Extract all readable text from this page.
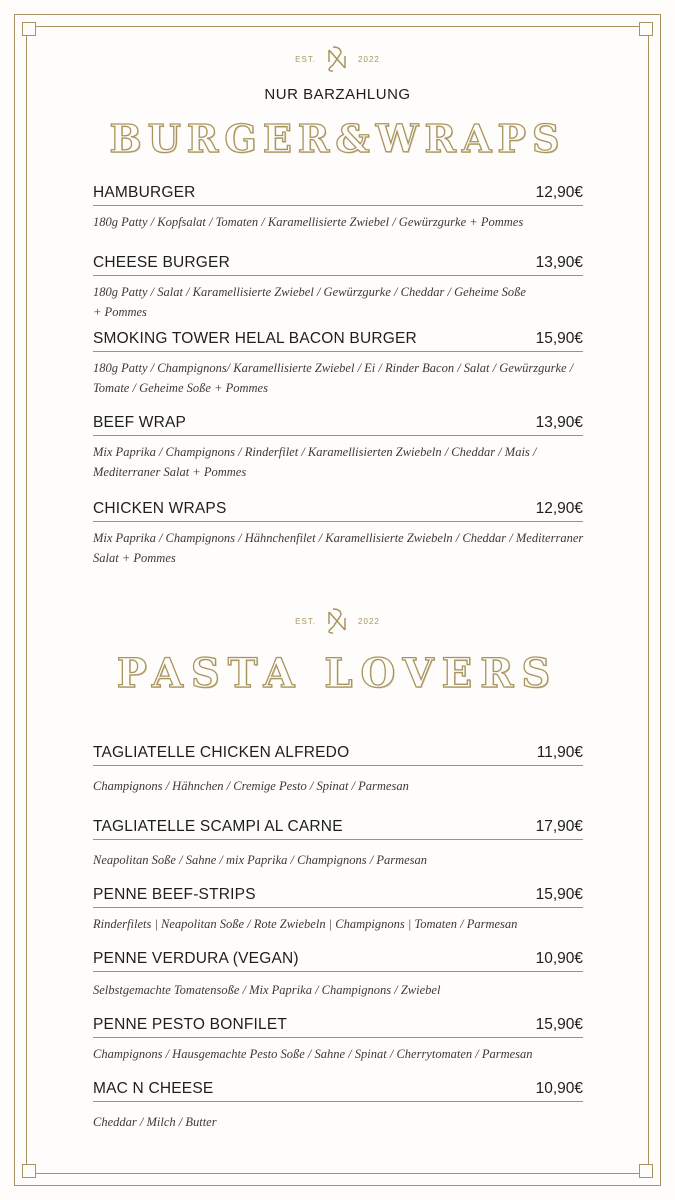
EST.	2022
NUR BARZAHLUNG
BURGER&WRAPS
HAMBURGER	12,90€
180g Patty / Kopfsalat / Tomaten / Karamellisierte Zwiebel / Gewürzgurke + Pommes
CHEESE BURGER	13,90€
180g Patty / Salat / Karamellisierte Zwiebel / Gewürzgurke / Cheddar / Geheime Soße + Pommes
SMOKING TOWER HELAL BACON BURGER	15,90€
180g Patty / Champignons/ Karamellisierte Zwiebel / Ei / Rinder Bacon / Salat / Gewürzgurke / Tomate / Geheime Soße + Pommes
BEEF WRAP	13,90€
Mix Paprika / Champignons / Rinderfilet / Karamellisierten Zwiebeln / Cheddar / Mais / Mediterraner Salat + Pommes
CHICKEN WRAPS	12,90€
Mix Paprika / Champignons / Hähnchenfilet / Karamellisierte Zwiebeln / Cheddar / Mediterraner Salat + Pommes
EST.	2022
PASTA LOVERS
TAGLIATELLE CHICKEN ALFREDO	11,90€
Champignons / Hähnchen / Cremige Pesto / Spinat / Parmesan
TAGLIATELLE SCAMPI AL CARNE	17,90€
Neapolitan Soße / Sahne / mix Paprika / Champignons / Parmesan
PENNE BEEF-STRIPS	15,90€
Rinderfilets | Neapolitan Soße / Rote Zwiebeln | Champignons | Tomaten / Parmesan
PENNE VERDURA (VEGAN)	10,90€
Selbstgemachte Tomatensoße / Mix Paprika / Champignons / Zwiebel
PENNE PESTO BONFILET	15,90€
Champignons / Hausgemachte Pesto Soße / Sahne / Spinat / Cherrytomaten / Parmesan
MAC N CHEESE	10,90€
Cheddar / Milch / Butter
